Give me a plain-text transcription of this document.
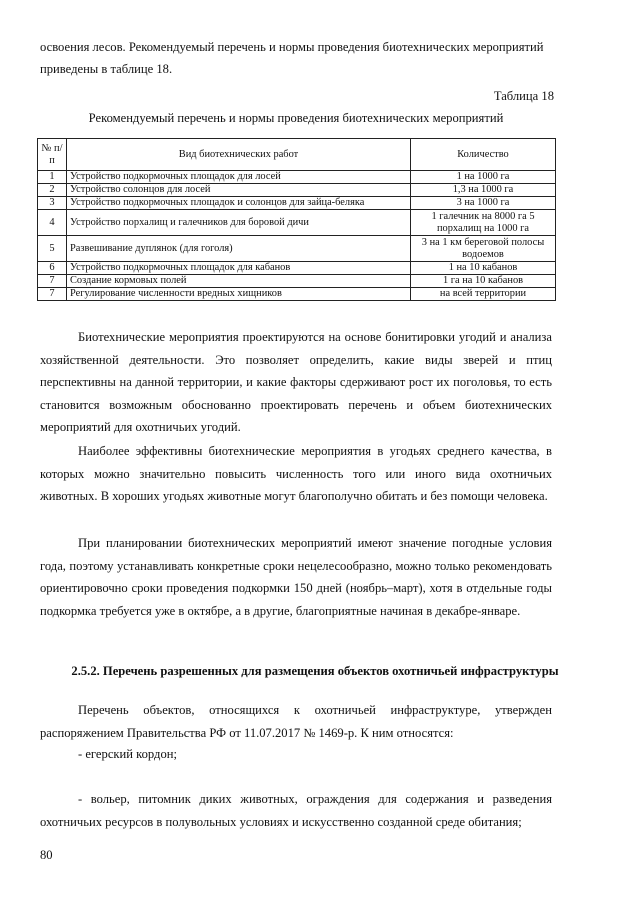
освоения лесов. Рекомендуемый перечень и нормы проведения биотехнических мероприятий

приведены в таблице 18.

Таблица 18

Рекомендуемый перечень и нормы проведения биотехнических мероприятий

№ п/п	Вид биотехнических работ	Количество
1	Устройство подкормочных площадок для лосей	1 на 1000 га
2	Устройство солонцов для лосей	1,3 на 1000 га
3	Устройство подкормочных площадок и солонцов для зайца-беляка	3 на 1000 га
4	Устройство порхалищ и галечников для боровой дичи	1 галечник на 8000 га 5 порхалищ на 1000 га
5	Развешивание дуплянок (для гоголя)	3 на 1 км береговой полосы водоемов
6	Устройство подкормочных площадок для кабанов	1 на 10 кабанов
7	Создание кормовых полей	1 га на 10 кабанов
7	Регулирование численности вредных хищников	на всей территории

Биотехнические мероприятия проектируются на основе бонитировки угодий и анализа хозяйственной деятельности. Это позволяет определить, какие виды зверей и птиц перспективны на данной территории, и какие факторы сдерживают рост их поголовья, то есть становится возможным обоснованно проектировать перечень и объем биотехнических мероприятий для охотничьих угодий.

Наиболее эффективны биотехнические мероприятия в угодьях среднего качества, в которых можно значительно повысить численность того или иного вида охотничьих животных. В хороших угодьях животные могут благополучно обитать и без помощи человека.

При планировании биотехнических мероприятий имеют значение погодные условия года, поэтому устанавливать конкретные сроки нецелесообразно, можно только рекомендовать ориентировочно сроки проведения подкормки 150 дней (ноябрь–март), хотя в отдельные годы подкормка требуется уже в октябре, а в другие, благоприятные начиная в декабре-январе.

2.5.2. Перечень разрешенных для размещения объектов охотничьей инфраструктуры

Перечень объектов, относящихся к охотничьей инфраструктуре, утвержден распоряжением Правительства РФ от 11.07.2017 № 1469-р. К ним относятся:

- егерский кордон;

- вольер, питомник диких животных, ограждения для содержания и разведения охотничьих ресурсов в полувольных условиях и искусственно созданной среде обитания;

80
